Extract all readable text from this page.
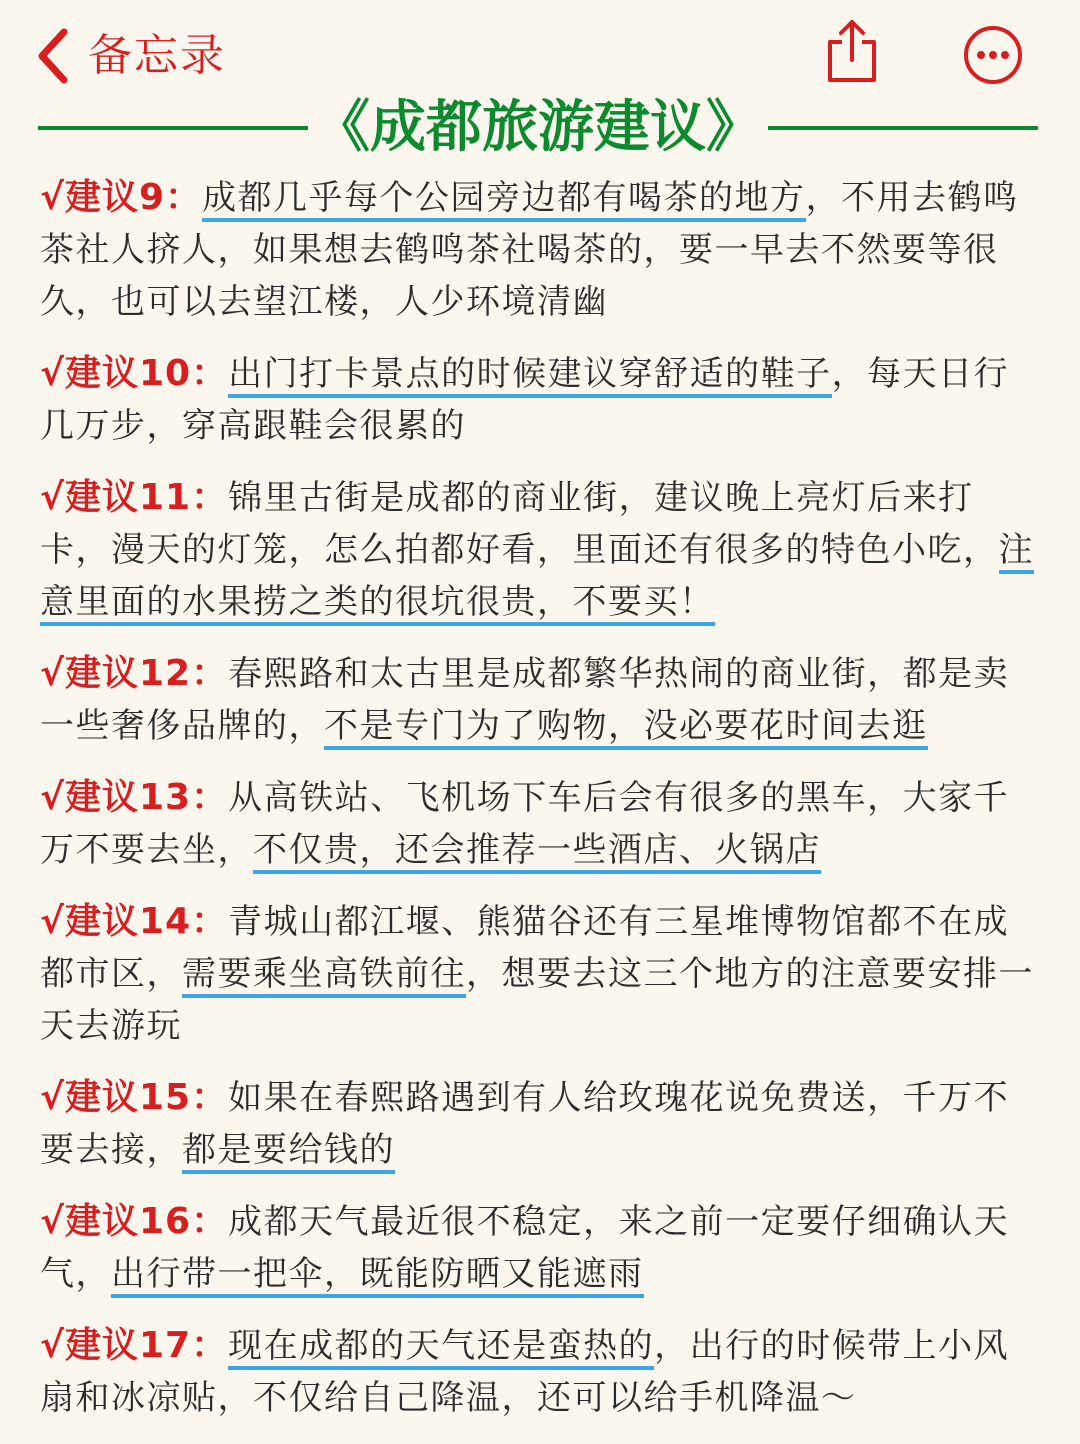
备忘录
《成都旅游建议》
√建议9：成都几乎每个公园旁边都有喝茶的地方，不用去鹤鸣茶社人挤人，如果想去鹤鸣茶社喝茶的，要一早去不然要等很久，也可以去望江楼，人少环境清幽
√建议10：出门打卡景点的时候建议穿舒适的鞋子，每天日行几万步，穿高跟鞋会很累的
√建议11：锦里古街是成都的商业街，建议晚上亮灯后来打卡，漫天的灯笼，怎么拍都好看，里面还有很多的特色小吃，注意里面的水果捞之类的很坑很贵，不要买！
√建议12：春熙路和太古里是成都繁华热闹的商业街，都是卖一些奢侈品牌的，不是专门为了购物，没必要花时间去逛
√建议13：从高铁站、飞机场下车后会有很多的黑车，大家千万不要去坐，不仅贵，还会推荐一些酒店、火锅店
√建议14：青城山都江堰、熊猫谷还有三星堆博物馆都不在成都市区，需要乘坐高铁前往，想要去这三个地方的注意要安排一天去游玩
√建议15：如果在春熙路遇到有人给玫瑰花说免费送，千万不要去接，都是要给钱的
√建议16：成都天气最近很不稳定，来之前一定要仔细确认天气，出行带一把伞，既能防晒又能遮雨
√建议17：现在成都的天气还是蛮热的，出行的时候带上小风扇和冰凉贴，不仅给自己降温，还可以给手机降温～
